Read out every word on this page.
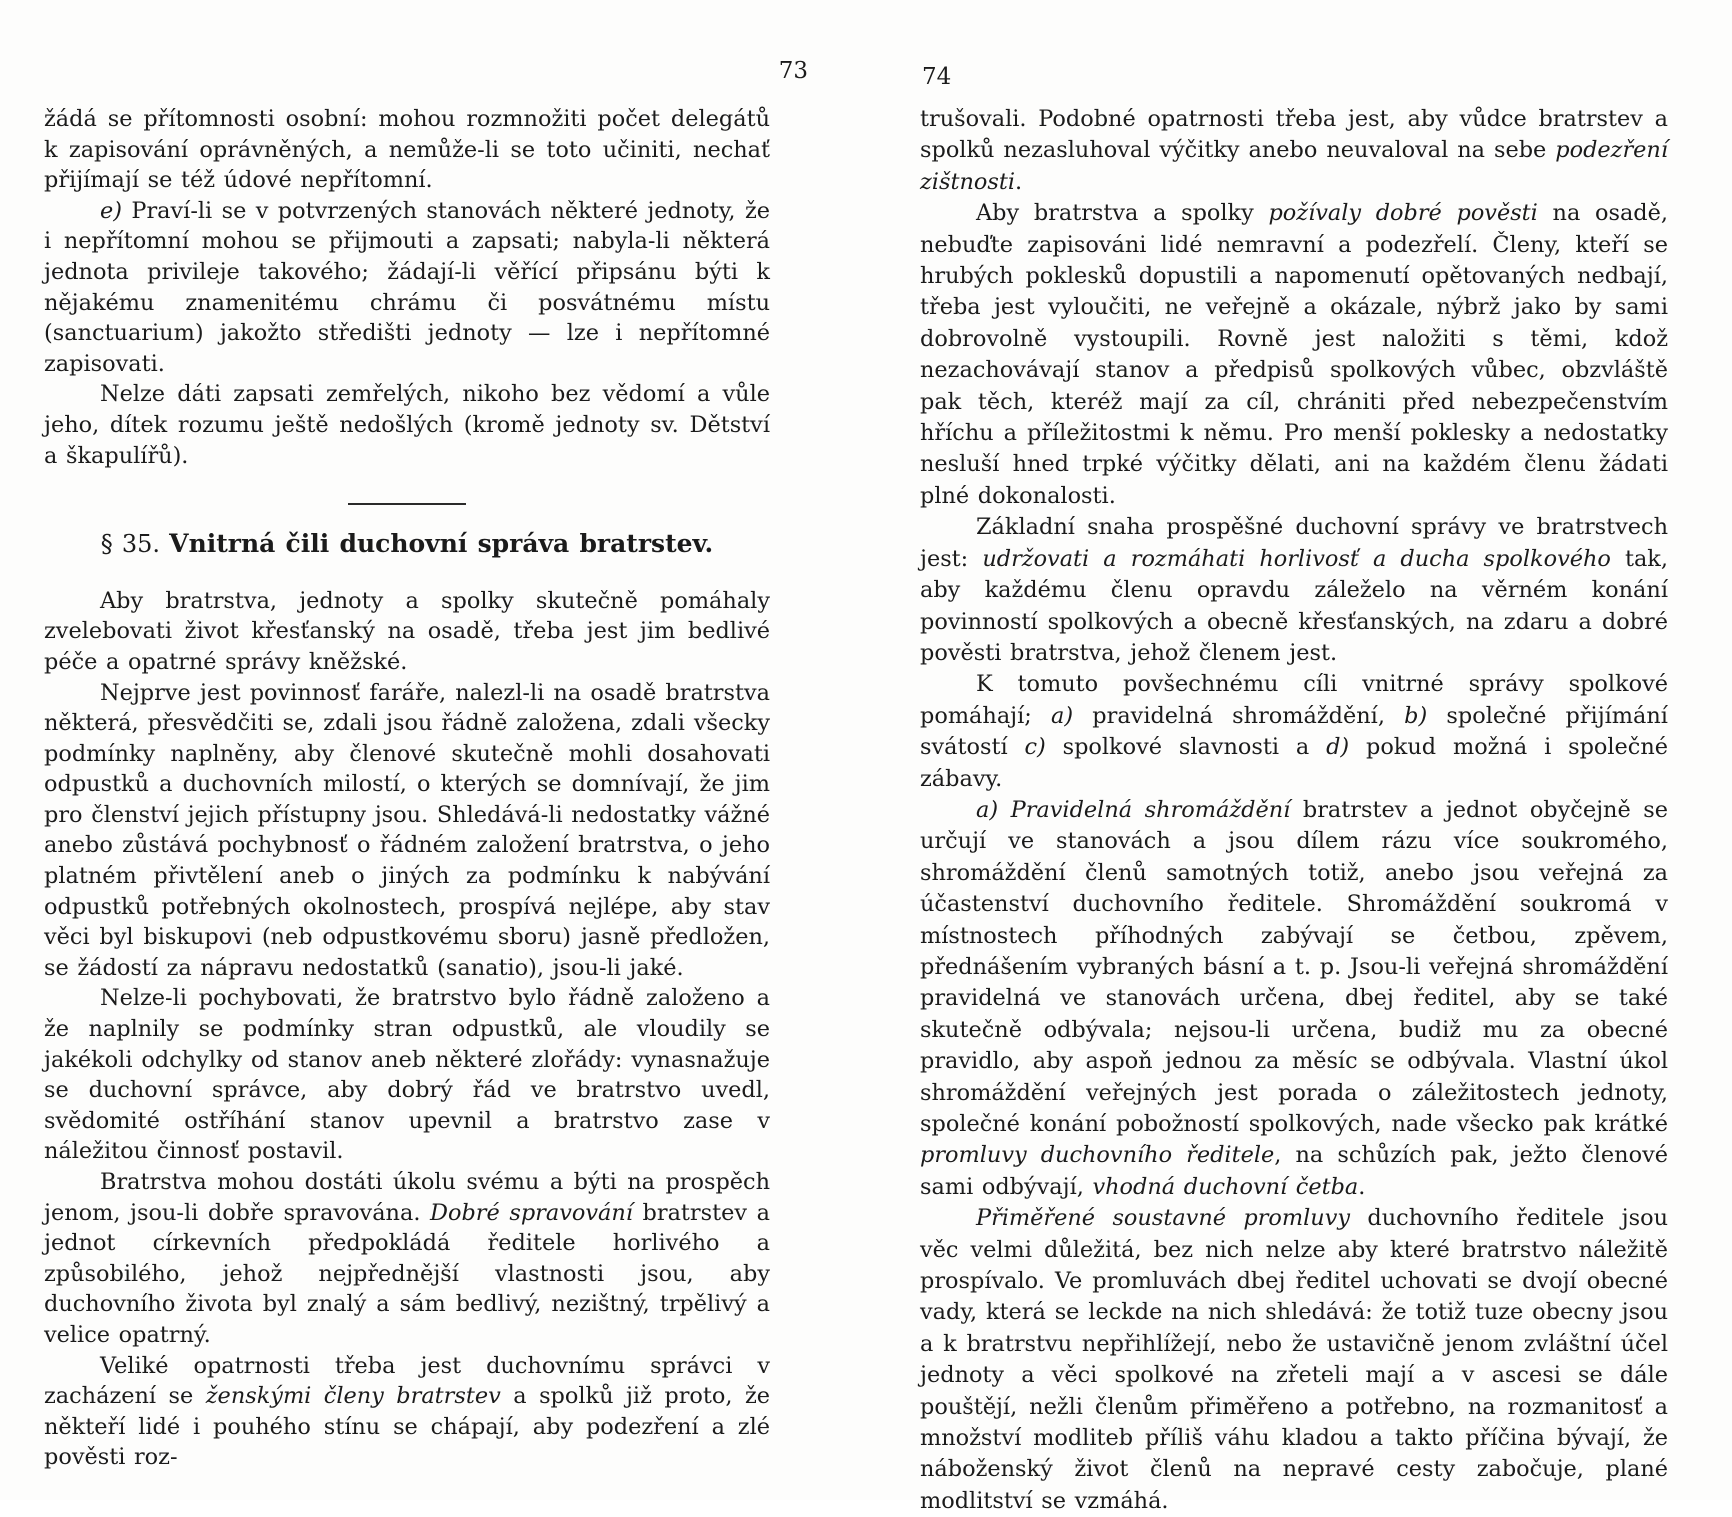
73

žádá se přítomnosti osobní: mohou rozmnožiti počet delegátů k zapisování oprávněných, a nemůže-li se toto učiniti, nechať přijímají se též údové nepřítomní.

e) Praví-li se v potvrzených stanovách některé jednoty, že i nepřítomní mohou se přijmouti a zapsati; nabyla-li některá jednota privileje takového; žádají-li věřící připsánu býti k nějakému znamenitému chrámu či posvátnému místu (sanctuarium) jakožto středišti jednoty — lze i nepřítomné zapisovati.

Nelze dáti zapsati zemřelých, nikoho bez vědomí a vůle jeho, dítek rozumu ještě nedošlých (kromě jednoty sv. Dětství a škapulířů).

§ 35. Vnitrná čili duchovní správa bratrstev.

Aby bratrstva, jednoty a spolky skutečně pomáhaly zvelebovati život křesťanský na osadě, třeba jest jim bedlivé péče a opatrné správy kněžské.

Nejprve jest povinnosť faráře, nalezl-li na osadě bratrstva některá, přesvědčiti se, zdali jsou řádně založena, zdali všecky podmínky naplněny, aby členové skutečně mohli dosahovati odpustků a duchovních milostí, o kterých se domnívají, že jim pro členství jejich přístupny jsou. Shledává-li nedostatky vážné anebo zůstává pochybnosť o řádném založení bratrstva, o jeho platném přivtělení aneb o jiných za podmínku k nabývání odpustků potřebných okolnostech, prospívá nejlépe, aby stav věci byl biskupovi (neb odpustkovému sboru) jasně předložen, se žádostí za nápravu nedostatků (sanatio), jsou-li jaké.

Nelze-li pochybovati, že bratrstvo bylo řádně založeno a že naplnily se podmínky stran odpustků, ale vloudily se jakékoli odchylky od stanov aneb některé zlořády: vynasnažuje se duchovní správce, aby dobrý řád ve bratrstvo uvedl, svědomité ostříhání stanov upevnil a bratrstvo zase v náležitou činnosť postavil.

Bratrstva mohou dostáti úkolu svému a býti na prospěch jenom, jsou-li dobře spravována. Dobré spravování bratrstev a jednot církevních předpokládá ředitele horlivého a způsobilého, jehož nejpřednější vlastnosti jsou, aby duchovního života byl znalý a sám bedlivý, nezištný, trpělivý a velice opatrný.

Veliké opatrnosti třeba jest duchovnímu správci v zacházení se ženskými členy bratrstev a spolků již proto, že někteří lidé i pouhého stínu se chápají, aby podezření a zlé pověsti roz-

74

trušovali. Podobné opatrnosti třeba jest, aby vůdce bratrstev a spolků nezasluhoval výčitky anebo neuvaloval na sebe podezření zištnosti.

Aby bratrstva a spolky požívaly dobré pověsti na osadě, nebuďte zapisováni lidé nemravní a podezřelí. Členy, kteří se hrubých poklesků dopustili a napomenutí opětovaných nedbají, třeba jest vyloučiti, ne veřejně a okázale, nýbrž jako by sami dobrovolně vystoupili. Rovně jest naložiti s těmi, kdož nezachovávají stanov a předpisů spolkových vůbec, obzvláště pak těch, kteréž mají za cíl, chrániti před nebezpečenstvím hříchu a příležitostmi k němu. Pro menší poklesky a nedostatky nesluší hned trpké výčitky dělati, ani na každém členu žádati plné dokonalosti.

Základní snaha prospěšné duchovní správy ve bratrstvech jest: udržovati a rozmáhati horlivosť a ducha spolkového tak, aby každému členu opravdu záleželo na věrném konání povinností spolkových a obecně křesťanských, na zdaru a dobré pověsti bratrstva, jehož členem jest.

K tomuto povšechnému cíli vnitrné správy spolkové pomáhají; a) pravidelná shromáždění, b) společné přijímání svátostí c) spolkové slavnosti a d) pokud možná i společné zábavy.

a) Pravidelná shromáždění bratrstev a jednot obyčejně se určují ve stanovách a jsou dílem rázu více soukromého, shromáždění členů samotných totiž, anebo jsou veřejná za účastenství duchovního ředitele. Shromáždění soukromá v místnostech příhodných zabývají se četbou, zpěvem, přednášením vybraných básní a t. p. Jsou-li veřejná shromáždění pravidelná ve stanovách určena, dbej ředitel, aby se také skutečně odbývala; nejsou-li určena, budiž mu za obecné pravidlo, aby aspoň jednou za měsíc se odbývala. Vlastní úkol shromáždění veřejných jest porada o záležitostech jednoty, společné konání pobožností spolkových, nade všecko pak krátké promluvy duchovního ředitele, na schůzích pak, ježto členové sami odbývají, vhodná duchovní četba.

Přiměřené soustavné promluvy duchovního ředitele jsou věc velmi důležitá, bez nich nelze aby které bratrstvo náležitě prospívalo. Ve promluvách dbej ředitel uchovati se dvojí obecné vady, která se leckde na nich shledává: že totiž tuze obecny jsou a k bratrstvu nepřihlížejí, nebo že ustavičně jenom zvláštní účel jednoty a věci spolkové na zřeteli mají a v ascesi se dále pouštějí, nežli členům přiměřeno a potřebno, na rozmanitosť a množství modliteb příliš váhu kladou a takto příčina bývají, že náboženský život členů na nepravé cesty zabočuje, plané modlitství se vzmáhá.
